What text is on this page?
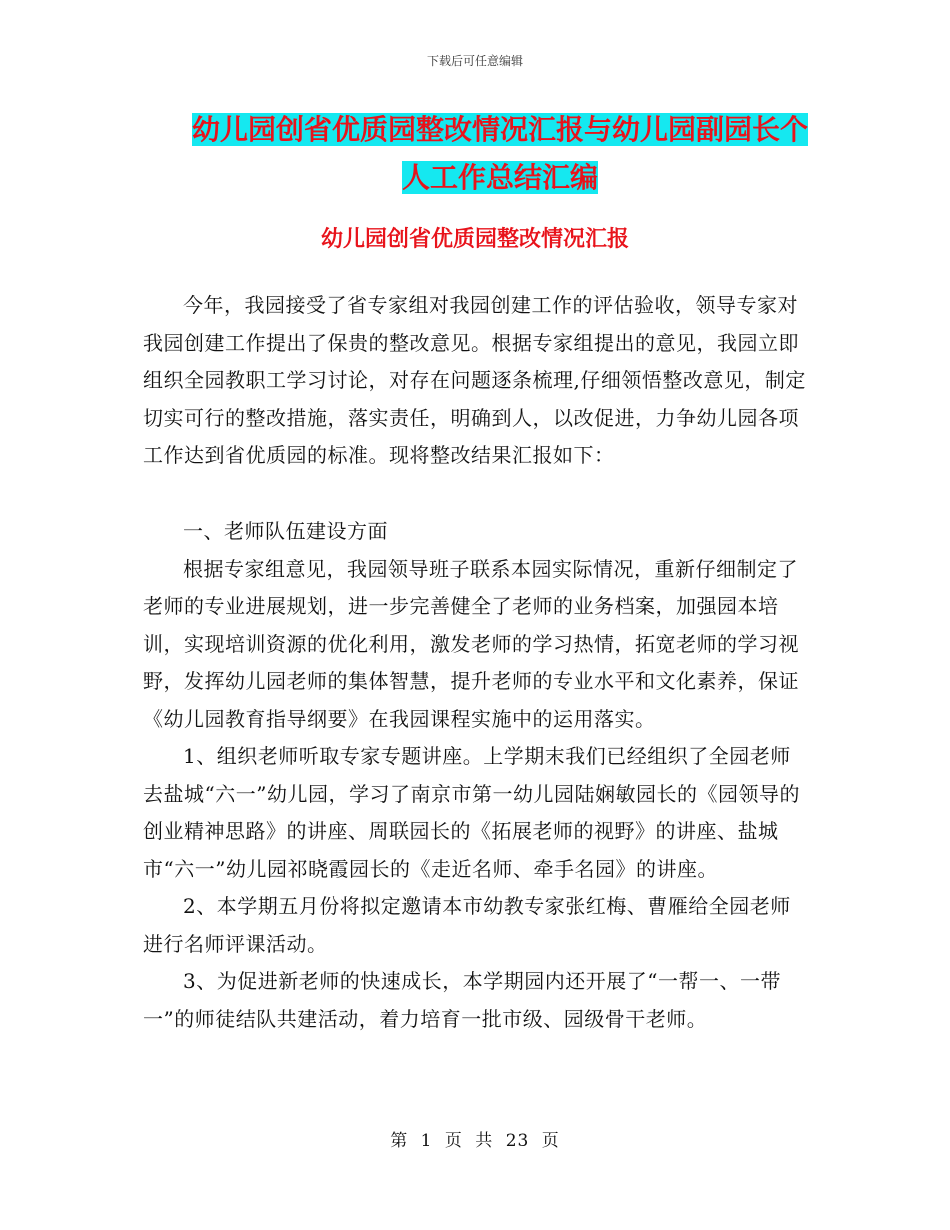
下载后可任意编辑
幼儿园创省优质园整改情况汇报与幼儿园副园长个人工作总结汇编
幼儿园创省优质园整改情况汇报

今年，我园接受了省专家组对我园创建工作的评估验收，领导专家对我园创建工作提出了保贵的整改意见。根据专家组提出的意见，我园立即组织全园教职工学习讨论，对存在问题逐条梳理,仔细领悟整改意见，制定切实可行的整改措施，落实责任，明确到人，以改促进，力争幼儿园各项工作达到省优质园的标准。现将整改结果汇报如下：

一、老师队伍建设方面

根据专家组意见，我园领导班子联系本园实际情况，重新仔细制定了老师的专业进展规划，进一步完善健全了老师的业务档案，加强园本培训，实现培训资源的优化利用，激发老师的学习热情，拓宽老师的学习视野，发挥幼儿园老师的集体智慧，提升老师的专业水平和文化素养，保证《幼儿园教育指导纲要》在我园课程实施中的运用落实。

1、组织老师听取专家专题讲座。上学期末我们已经组织了全园老师去盐城“六一”幼儿园，学习了南京市第一幼儿园陆娴敏园长的《园领导的创业精神思路》的讲座、周联园长的《拓展老师的视野》的讲座、盐城市“六一”幼儿园祁晓霞园长的《走近名师、牵手名园》的讲座。

2、本学期五月份将拟定邀请本市幼教专家张红梅、曹雁给全园老师进行名师评课活动。

3、为促进新老师的快速成长，本学期园内还开展了“一帮一、一带一”的师徒结队共建活动，着力培育一批市级、园级骨干老师。

第 1 页 共 23 页
